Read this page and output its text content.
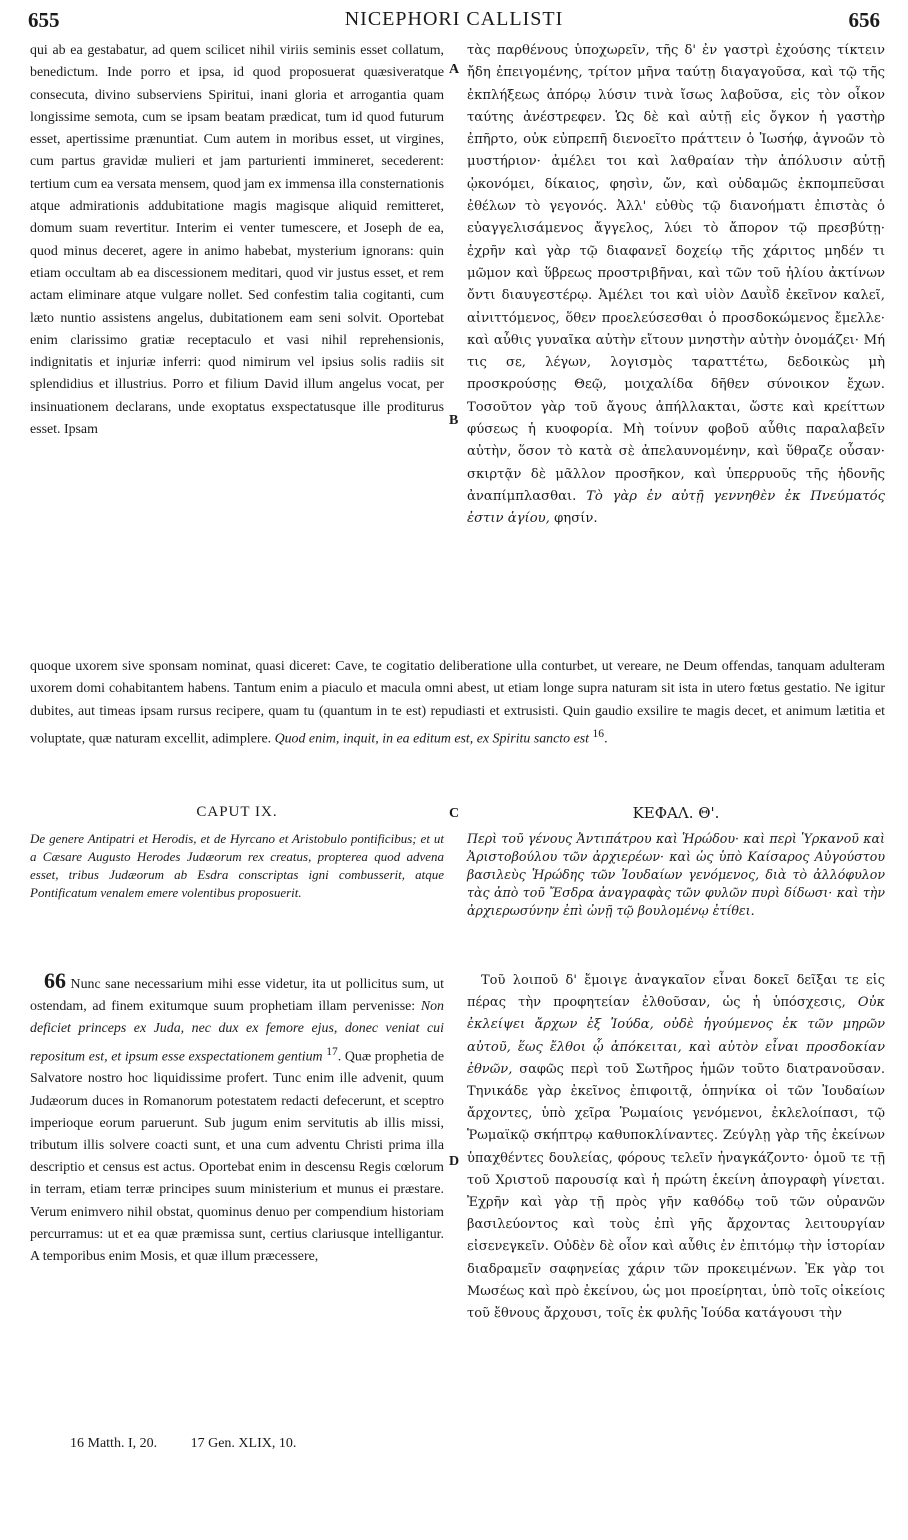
655	NICEPHORI CALLISTI	656

qui ab ea gestabatur, ad quem scilicet nihil viriis seminis esset collatum, benedictum. Inde porro et ipsa, id quod proposuerat quæsiveratque consecuta, divino subserviens Spiritui, inani gloria et arrogantia quam longissime semota, cum se ipsam beatam prædicat, tum id quod futurum esset, apertissime prænuntiat. Cum autem in moribus esset, ut virgines, cum partus gravidæ mulieri et jam parturienti immineret, secederent: tertium cum ea versata mensem, quod jam ex immensa illa consternationis atque admirationis addubitatione magis magisque aliquid remitteret, domum suam revertitur. Interim ei venter tumescere, et Joseph de ea, quod minus deceret, agere in animo habebat, mysterium ignorans: quin etiam occultam ab ea discessionem meditari, quod vir justus esset, et rem actam eliminare atque vulgare nollet. Sed confestim talia cogitanti, cum læto nuntio assistens angelus, dubitationem eam seni solvit. Oportebat enim clarissimo gratiæ receptaculo et vasi nihil reprehensionis, indignitatis et injuriæ inferri: quod nimirum vel ipsius solis radiis sit splendidius et illustrius. Porro et filium David illum angelus vocat, per insinuationem declarans, unde exoptatus exspectatusque ille proditurus esset. Ipsam

A
B

τὰς παρθένους ὑποχωρεῖν, τῆς δ' ἐν γαστρὶ ἐχούσης τίκτειν ἤδη ἐπειγομένης, τρίτον μῆνα ταύτῃ διαγαγοῦσα, καὶ τῷ τῆς ἐκπλήξεως ἀπόρῳ λύσιν τινὰ ἴσως λαβοῦσα, εἰς τὸν οἶκον ταύτης ἀνέστρεφεν. Ὡς δὲ καὶ αὐτῇ εἰς ὄγκον ἡ γαστὴρ ἐπῆρτο, οὐκ εὐπρεπῆ διενοεῖτο πράττειν ὁ Ἰωσήφ, ἀγνοῶν τὸ μυστήριον· ἀμέλει τοι καὶ λαθραίαν τὴν ἀπόλυσιν αὐτῇ ᾠκονόμει, δίκαιος, φησὶν, ὤν, καὶ οὐδαμῶς ἐκπομπεῦσαι ἐθέλων τὸ γεγονός. Ἀλλ' εὐθὺς τῷ διανοήματι ἐπιστὰς ὁ εὐαγγελισάμενος ἄγγελος, λύει τὸ ἄπορον τῷ πρεσβύτῃ· ἐχρῆν καὶ γὰρ τῷ διαφανεῖ δοχείῳ τῆς χάριτος μηδέν τι μῶμον καὶ ὕβρεως προστριβῆναι, καὶ τῶν τοῦ ἡλίου ἀκτίνων ὄντι διαυγεστέρῳ. Ἀμέλει τοι καὶ υἱὸν Δαυῒδ ἐκεῖνον καλεῖ, αἰνιττόμενος, ὅθεν προελεύσεσθαι ὁ προσδοκώμενος ἔμελλε· καὶ αὖθις γυναῖκα αὐτὴν εἴτουν μνηστὴν αὐτὴν ὀνομάζει· Μή τις σε, λέγων, λογισμὸς ταραττέτω, δεδοικὼς μὴ προσκρούσῃς Θεῷ, μοιχαλίδα δῆθεν σύνοικον ἔχων. Τοσοῦτον γὰρ τοῦ ἄγους ἀπήλλακται, ὥστε καὶ κρείττων φύσεως ἡ κυοφορία. Μὴ τοίνυν φοβοῦ αὖθις παραλαβεῖν αὐτὴν, ὅσον τὸ κατὰ σὲ ἀπελαυνομένην, καὶ ὕθραζε οὖσαν· σκιρτᾷν δὲ μᾶλλον προσῆκον, καὶ ὑπερρυοῦς τῆς ἡδονῆς ἀναπίμπλασθαι. Τὸ γὰρ ἐν αὐτῇ γεννηθὲν ἐκ Πνεύματός ἐστιν ἁγίου, φησίν.

quoque uxorem sive sponsam nominat, quasi diceret: Cave, te cogitatio deliberatione ulla conturbet, ut vereare, ne Deum offendas, tanquam adulteram uxorem domi cohabitantem habens. Tantum enim a piaculo et macula omni abest, ut etiam longe supra naturam sit ista in utero fœtus gestatio. Ne igitur dubites, aut timeas ipsam rursus recipere, quam tu (quantum in te est) repudiasti et extrusisti. Quin gaudio exsilire te magis decet, et animum lætitia et voluptate, quæ naturam excellit, adimplere. Quod enim, inquit, in ea editum est, ex Spiritu sancto est $^{16}$.

C
CAPUT IX.	ΚΕΦΑΛ. Θ'.
De genere Antipatri et Herodis, et de Hyrcano et Aristobulo pontificibus; et ut a Cæsare Augusto Herodes Judæorum rex creatus, propterea quod advena esset, tribus Judæorum ab Esdra conscriptas igni combusserit, atque Pontificatum venalem emere volentibus proposuerit.
Περὶ τοῦ γένους Ἀντιπάτρου καὶ Ἡρώδου· καὶ περὶ Ὑρκανοῦ καὶ Ἀριστοβούλου τῶν ἀρχιερέων· καὶ ὡς ὑπὸ Καίσαρος Αὐγούστου βασιλεὺς Ἡρώδης τῶν Ἰουδαίων γενόμενος, διὰ τὸ ἀλλόφυλον τὰς ἀπὸ τοῦ Ἔσδρα ἀναγραφὰς τῶν φυλῶν πυρὶ δίδωσι· καὶ τὴν ἀρχιερωσύνην ἐπὶ ὠνῇ τῷ βουλομένῳ ἐτίθει.

66 Nunc sane necessarium mihi esse videtur, ita ut pollicitus sum, ut ostendam, ad finem exitumque suum prophetiam illam pervenisse: Non deficiet princeps ex Juda, nec dux ex femore ejus, donec veniat cui repositum est, et ipsum esse exspectationem gentium $^{17}$. Quæ prophetia de Salvatore nostro hoc liquidissime profert. Tunc enim ille advenit, quum Judæorum duces in Romanorum potestatem redacti defecerunt, et sceptro imperioque eorum paruerunt. Sub jugum enim servitutis ab illis missi, tributum illis solvere coacti sunt, et una cum adventu Christi prima illa descriptio et census est actus. Oportebat enim in descensu Regis cœlorum in terram, etiam terræ principes suum ministerium et munus ei præstare. Verum enimvero nihil obstat, quominus denuo per compendium historiam percurramus: ut et ea quæ præmissa sunt, certius clariusque intelligantur. A temporibus enim Mosis, et quæ illum præcessere,

D

Τοῦ λοιποῦ δ' ἔμοιγε ἀναγκαῖον εἶναι δοκεῖ δεῖξαι τε εἰς πέρας τὴν προφητείαν ἐλθοῦσαν, ὡς ἡ ὑπόσχεσις, Οὐκ ἐκλείψει ἄρχων ἐξ Ἰούδα, οὐδὲ ἡγούμενος ἐκ τῶν μηρῶν αὐτοῦ, ἕως ἔλθοι ᾧ ἀπόκειται, καὶ αὐτὸν εἶναι προσδοκίαν ἐθνῶν, σαφῶς περὶ τοῦ Σωτῆρος ἡμῶν τοῦτο διατρανοῦσαν. Τηνικάδε γὰρ ἐκεῖνος ἐπιφοιτᾷ, ὁπηνίκα οἱ τῶν Ἰουδαίων ἄρχοντες, ὑπὸ χεῖρα Ῥωμαίοις γενόμενοι, ἐκλελοίπασι, τῷ Ῥωμαϊκῷ σκήπτρῳ καθυποκλίναντες. Ζεύγλῃ γὰρ τῆς ἐκείνων ὑπαχθέντες δουλείας, φόρους τελεῖν ἠναγκάζοντο· ὁμοῦ τε τῇ τοῦ Χριστοῦ παρουσίᾳ καὶ ἡ πρώτη ἐκείνη ἀπογραφὴ γίνεται. Ἐχρῆν καὶ γὰρ τῇ πρὸς γῆν καθόδῳ τοῦ τῶν οὐρανῶν βασιλεύοντος καὶ τοὺς ἐπὶ γῆς ἄρχοντας λειτουργίαν εἰσενεγκεῖν. Οὐδὲν δὲ οἷον καὶ αὖθις ἐν ἐπιτόμῳ τὴν ἱστορίαν διαδραμεῖν σαφηνείας χάριν τῶν προκειμένων. Ἐκ γὰρ τοι Μωσέως καὶ πρὸ ἐκείνου, ὡς μοι προείρηται, ὑπὸ τοῖς οἰκείοις τοῦ ἔθνους ἄρχουσι, τοῖς ἐκ φυλῆς Ἰούδα κατάγουσι τὴν

16 Matth. I, 20. 17 Gen. XLIX, 10.
